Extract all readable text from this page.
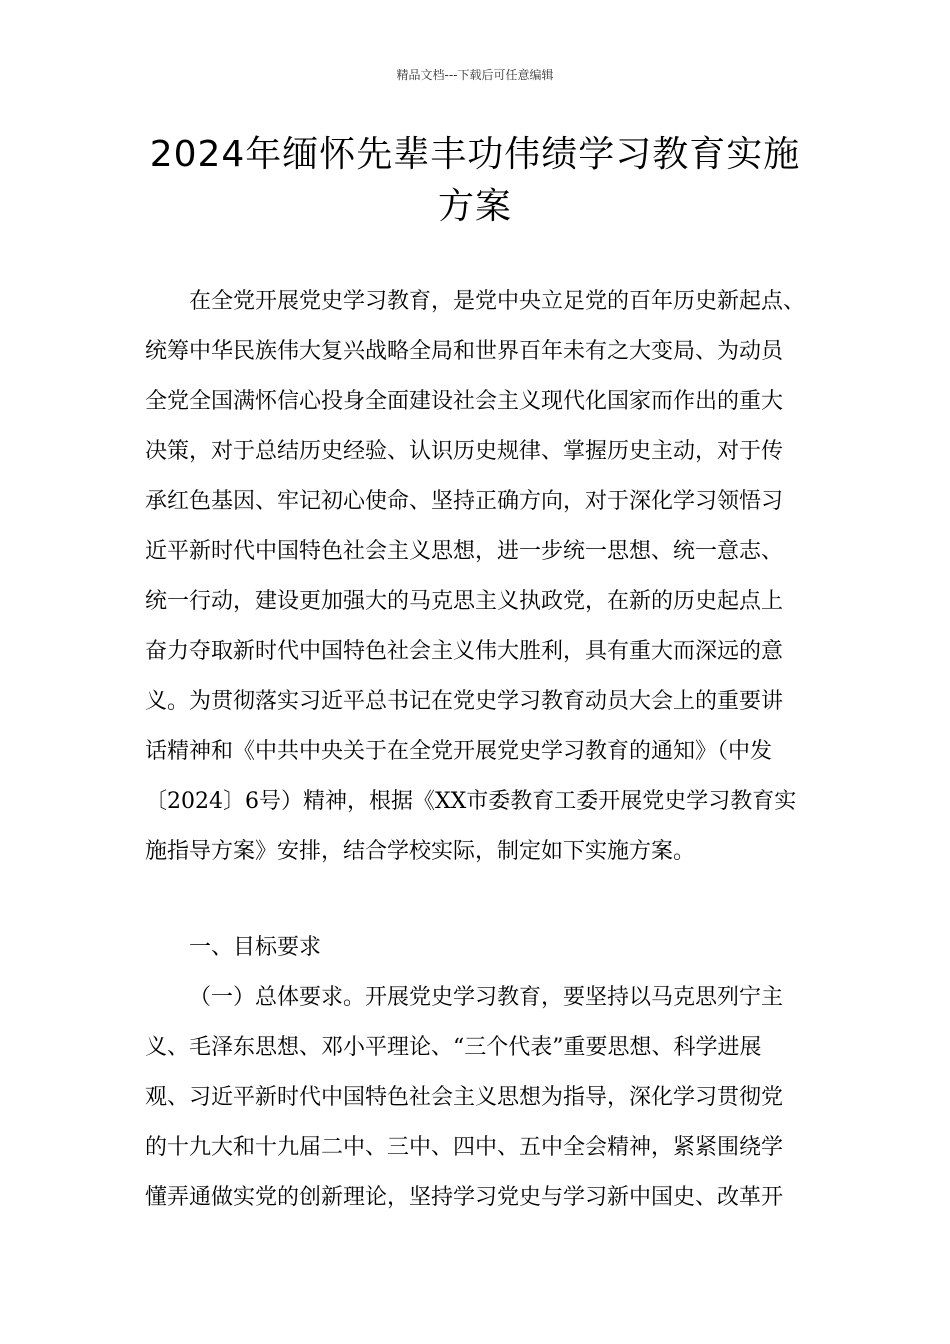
精品文档---下载后可任意编辑
2024年缅怀先辈丰功伟绩学习教育实施
方案
在全党开展党史学习教育，是党中央立足党的百年历史新起点、
统筹中华民族伟大复兴战略全局和世界百年未有之大变局、为动员
全党全国满怀信心投身全面建设社会主义现代化国家而作出的重大
决策，对于总结历史经验、认识历史规律、掌握历史主动，对于传
承红色基因、牢记初心使命、坚持正确方向，对于深化学习领悟习
近平新时代中国特色社会主义思想，进一步统一思想、统一意志、
统一行动，建设更加强大的马克思主义执政党，在新的历史起点上
奋力夺取新时代中国特色社会主义伟大胜利，具有重大而深远的意
义。为贯彻落实习近平总书记在党史学习教育动员大会上的重要讲
话精神和《中共中央关于在全党开展党史学习教育的通知》（中发
〔2024〕6号）精神，根据《XX市委教育工委开展党史学习教育实
施指导方案》安排，结合学校实际，制定如下实施方案。
一、目标要求
（一）总体要求。开展党史学习教育，要坚持以马克思列宁主
义、毛泽东思想、邓小平理论、“三个代表”重要思想、科学进展
观、习近平新时代中国特色社会主义思想为指导，深化学习贯彻党
的十九大和十九届二中、三中、四中、五中全会精神，紧紧围绕学
懂弄通做实党的创新理论，坚持学习党史与学习新中国史、改革开
